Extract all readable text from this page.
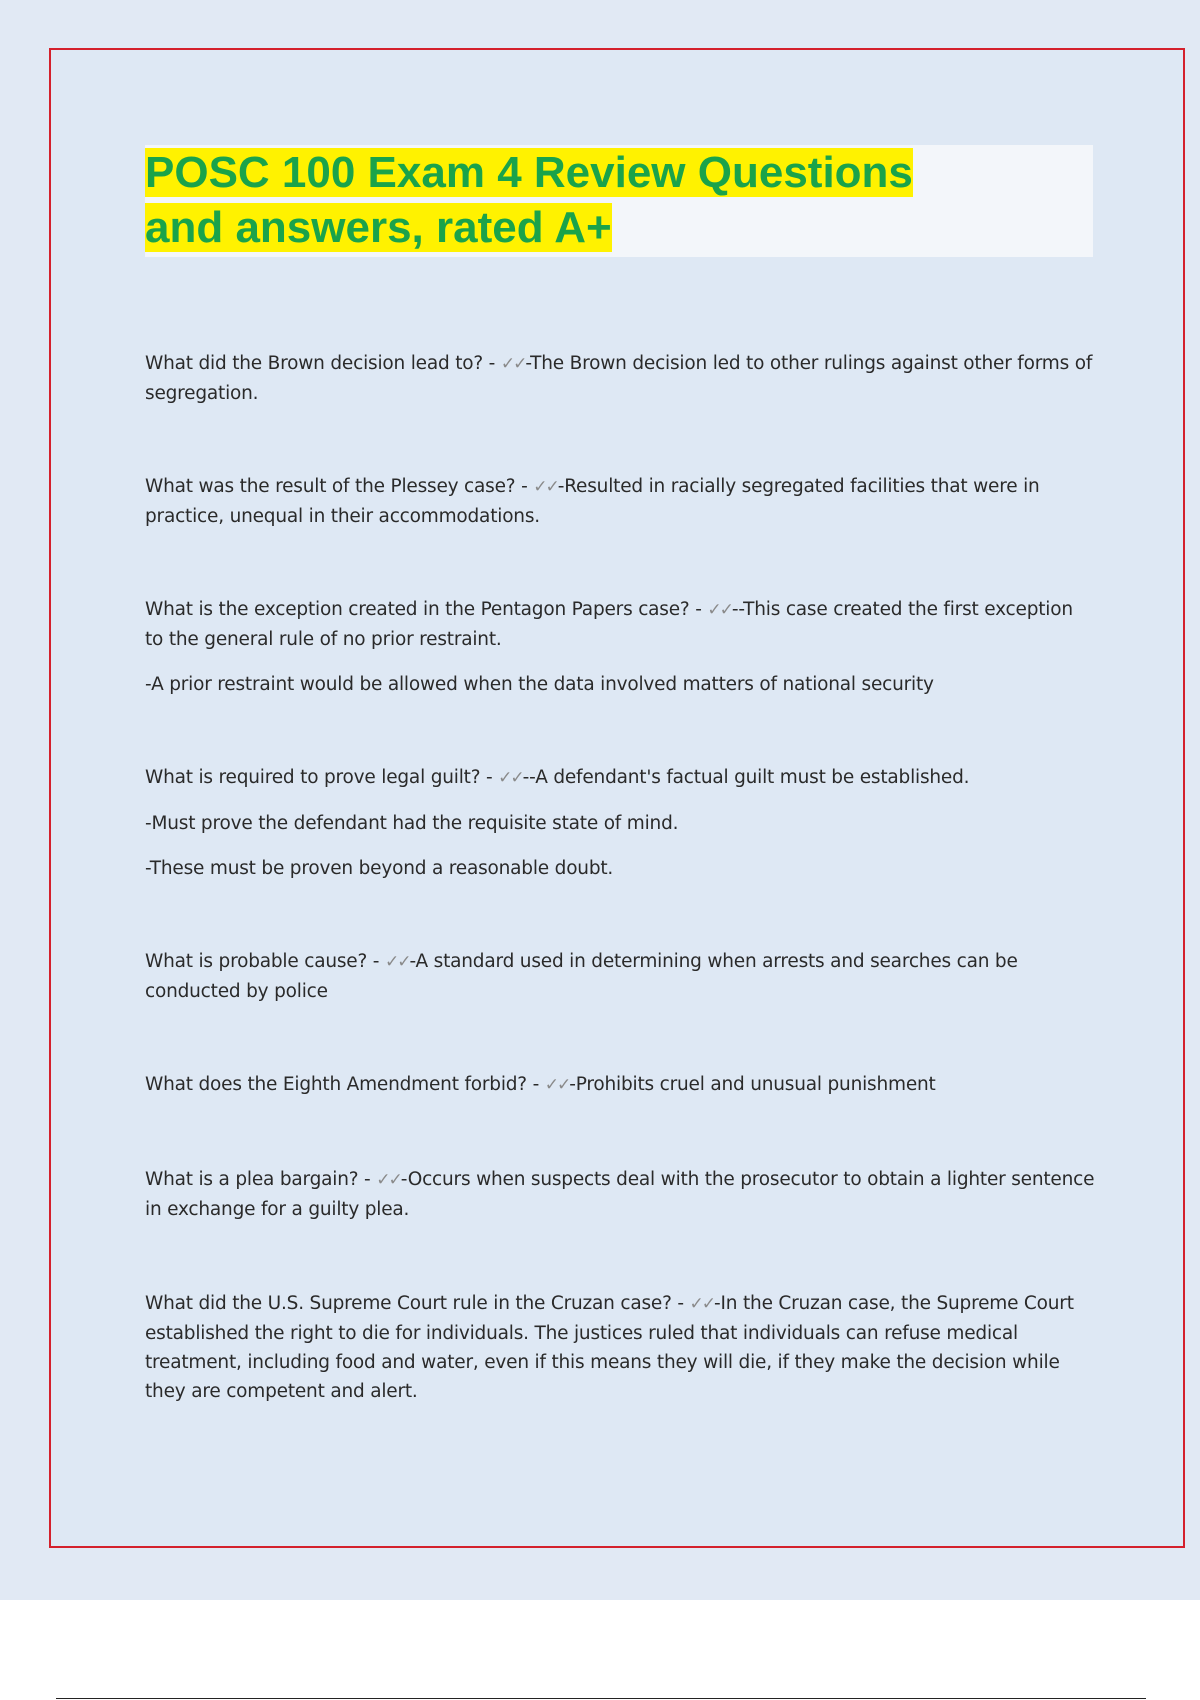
POSC 100 Exam 4 Review Questions
and answers, rated A+

What did the Brown decision lead to? - ✓✓-The Brown decision led to other rulings against other forms of segregation.

What was the result of the Plessey case? - ✓✓-Resulted in racially segregated facilities that were in practice, unequal in their accommodations.

What is the exception created in the Pentagon Papers case? - ✓✓--This case created the first exception to the general rule of no prior restraint.

-A prior restraint would be allowed when the data involved matters of national security

What is required to prove legal guilt? - ✓✓--A defendant's factual guilt must be established.

-Must prove the defendant had the requisite state of mind.

-These must be proven beyond a reasonable doubt.

What is probable cause? - ✓✓-A standard used in determining when arrests and searches can be conducted by police

What does the Eighth Amendment forbid? - ✓✓-Prohibits cruel and unusual punishment

What is a plea bargain? - ✓✓-Occurs when suspects deal with the prosecutor to obtain a lighter sentence in exchange for a guilty plea.

What did the U.S. Supreme Court rule in the Cruzan case? - ✓✓-In the Cruzan case, the Supreme Court established the right to die for individuals. The justices ruled that individuals can refuse medical treatment, including food and water, even if this means they will die, if they make the decision while they are competent and alert.
